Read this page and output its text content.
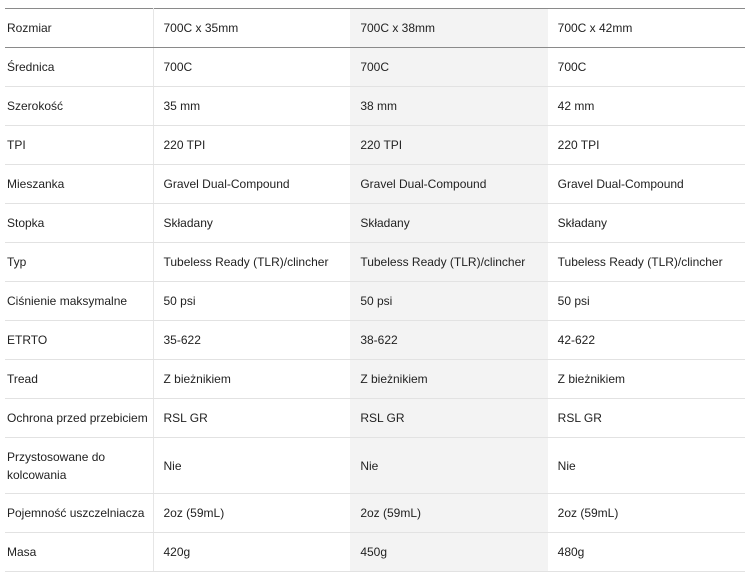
Rozmiar	700C x 35mm	700C x 38mm	700C x 42mm
Średnica	700C	700C	700C
Szerokość	35 mm	38 mm	42 mm
TPI	220 TPI	220 TPI	220 TPI
Mieszanka	Gravel Dual-Compound	Gravel Dual-Compound	Gravel Dual-Compound
Stopka	Składany	Składany	Składany
Typ	Tubeless Ready (TLR)/clincher	Tubeless Ready (TLR)/clincher	Tubeless Ready (TLR)/clincher
Ciśnienie maksymalne	50 psi	50 psi	50 psi
ETRTO	35-622	38-622	42-622
Tread	Z bieżnikiem	Z bieżnikiem	Z bieżnikiem
Ochrona przed przebiciem	RSL GR	RSL GR	RSL GR
Przystosowane do kolcowania	Nie	Nie	Nie
Pojemność uszczelniacza	2oz (59mL)	2oz (59mL)	2oz (59mL)
Masa	420g	450g	480g
